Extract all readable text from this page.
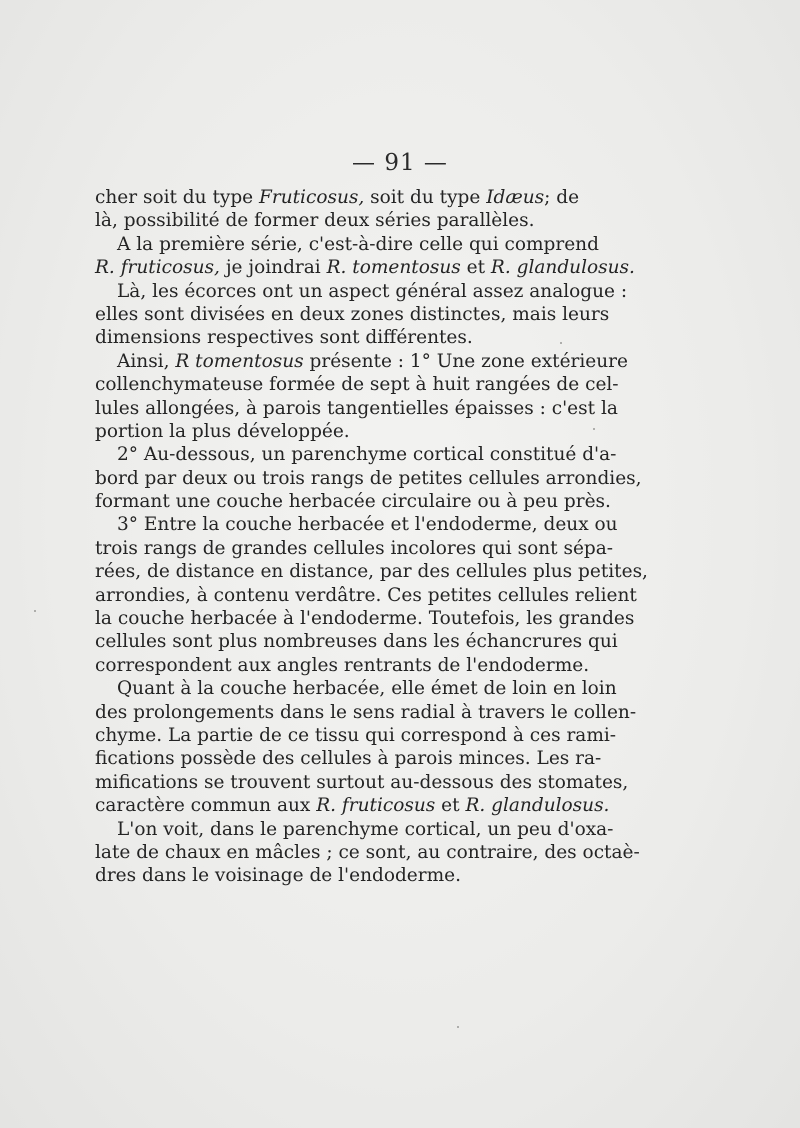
— 91 —
cher soit du type Fruticosus, soit du type Idæus; de
là, possibilité de former deux séries parallèles.
A la première série, c'est-à-dire celle qui comprend
R. fruticosus, je joindrai R. tomentosus et R. glandulosus.
Là, les écorces ont un aspect général assez analogue :
elles sont divisées en deux zones distinctes, mais leurs
dimensions respectives sont différentes.
Ainsi, R tomentosus présente : 1° Une zone extérieure
collenchymateuse formée de sept à huit rangées de cel-
lules allongées, à parois tangentielles épaisses : c'est la
portion la plus développée.
2° Au-dessous, un parenchyme cortical constitué d'a-
bord par deux ou trois rangs de petites cellules arrondies,
formant une couche herbacée circulaire ou à peu près.
3° Entre la couche herbacée et l'endoderme, deux ou
trois rangs de grandes cellules incolores qui sont sépa-
rées, de distance en distance, par des cellules plus petites,
arrondies, à contenu verdâtre. Ces petites cellules relient
la couche herbacée à l'endoderme. Toutefois, les grandes
cellules sont plus nombreuses dans les échancrures qui
correspondent aux angles rentrants de l'endoderme.
Quant à la couche herbacée, elle émet de loin en loin
des prolongements dans le sens radial à travers le collen-
chyme. La partie de ce tissu qui correspond à ces rami-
fications possède des cellules à parois minces. Les ra-
mifications se trouvent surtout au-dessous des stomates,
caractère commun aux R. fruticosus et R. glandulosus.
L'on voit, dans le parenchyme cortical, un peu d'oxa-
late de chaux en mâcles ; ce sont, au contraire, des octaè-
dres dans le voisinage de l'endoderme.
